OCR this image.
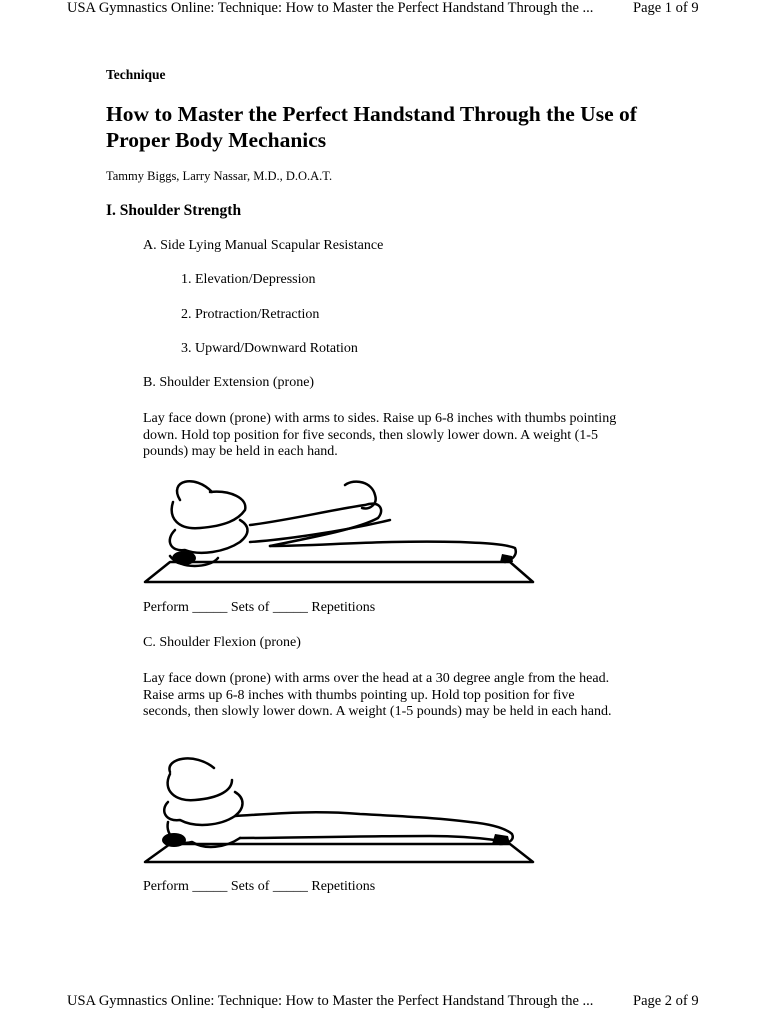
USA Gymnastics Online: Technique: How to Master the Perfect Handstand Through the ...	Page 1 of 9
Technique
How to Master the Perfect Handstand Through the Use of Proper Body Mechanics
Tammy Biggs, Larry Nassar, M.D., D.O.A.T.
I. Shoulder Strength
A. Side Lying Manual Scapular Resistance
1. Elevation/Depression
2. Protraction/Retraction
3. Upward/Downward Rotation
B. Shoulder Extension (prone)
Lay face down (prone) with arms to sides. Raise up 6-8 inches with thumbs pointing down. Hold top position for five seconds, then slowly lower down. A weight (1-5 pounds) may be held in each hand.
Perform _____ Sets of _____ Repetitions
C. Shoulder Flexion (prone)
Lay face down (prone) with arms over the head at a 30 degree angle from the head. Raise arms up 6-8 inches with thumbs pointing up. Hold top position for five seconds, then slowly lower down. A weight (1-5 pounds) may be held in each hand.
Perform _____ Sets of _____ Repetitions
USA Gymnastics Online: Technique: How to Master the Perfect Handstand Through the ...	Page 2 of 9
